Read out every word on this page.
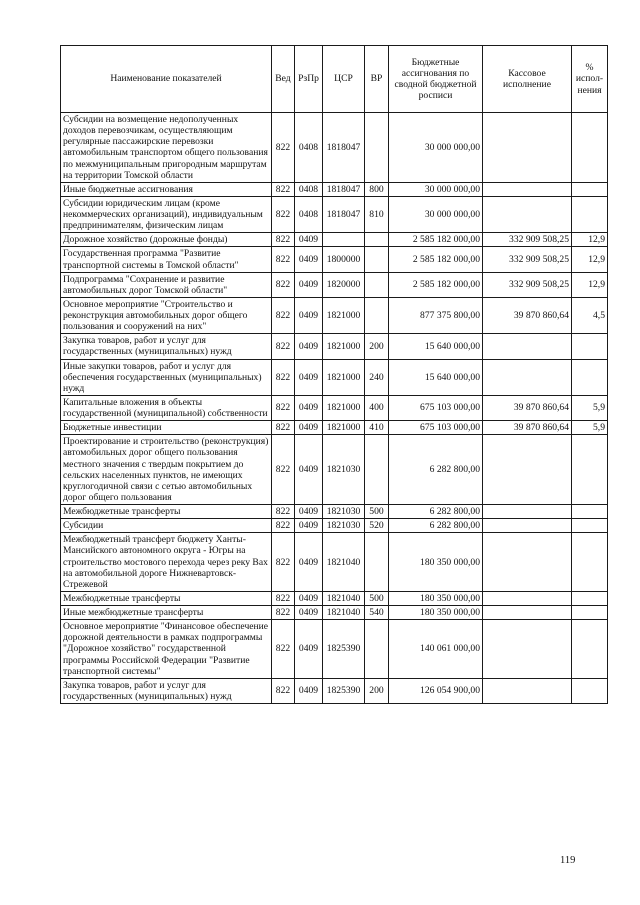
Наименование показателей	Вед	РзПр	ЦСР	ВР	Бюджетные ассигнования по сводной бюджетной росписи	Кассовое исполнение	% испол-нения
Субсидии на возмещение недополученных доходов перевозчикам, осуществляющим регулярные пассажирские перевозки автомобильным транспортом общего пользования по межмуниципальным пригородным маршрутам на территории Томской области	822	0408	1818047		30 000 000,00		
Иные бюджетные ассигнования	822	0408	1818047	800	30 000 000,00		
Субсидии юридическим лицам (кроме некоммерческих организаций), индивидуальным предпринимателям, физическим лицам	822	0408	1818047	810	30 000 000,00		
Дорожное хозяйство (дорожные фонды)	822	0409			2 585 182 000,00	332 909 508,25	12,9
Государственная программа "Развитие транспортной системы в Томской области"	822	0409	1800000		2 585 182 000,00	332 909 508,25	12,9
Подпрограмма "Сохранение и развитие автомобильных дорог Томской области"	822	0409	1820000		2 585 182 000,00	332 909 508,25	12,9
Основное мероприятие "Строительство и реконструкция автомобильных дорог общего пользования и сооружений на них"	822	0409	1821000		877 375 800,00	39 870 860,64	4,5
Закупка товаров, работ и услуг для государственных (муниципальных) нужд	822	0409	1821000	200	15 640 000,00		
Иные закупки товаров, работ и услуг для обеспечения государственных (муниципальных) нужд	822	0409	1821000	240	15 640 000,00		
Капитальные вложения в объекты государственной (муниципальной) собственности	822	0409	1821000	400	675 103 000,00	39 870 860,64	5,9
Бюджетные инвестиции	822	0409	1821000	410	675 103 000,00	39 870 860,64	5,9
Проектирование и строительство (реконструкция) автомобильных дорог общего пользования местного значения с твердым покрытием до сельских населенных пунктов, не имеющих круглогодичной связи с сетью автомобильных дорог общего пользования	822	0409	1821030		6 282 800,00		
Межбюджетные трансферты	822	0409	1821030	500	6 282 800,00		
Субсидии	822	0409	1821030	520	6 282 800,00		
Межбюджетный трансферт бюджету Ханты-Мансийского автономного округа - Югры на строительство мостового перехода через реку Вах на автомобильной дороге Нижневартовск-Стрежевой	822	0409	1821040		180 350 000,00		
Межбюджетные трансферты	822	0409	1821040	500	180 350 000,00		
Иные межбюджетные трансферты	822	0409	1821040	540	180 350 000,00		
Основное мероприятие "Финансовое обеспечение дорожной деятельности в рамках подпрограммы "Дорожное хозяйство" государственной программы Российской Федерации "Развитие транспортной системы"	822	0409	1825390		140 061 000,00		
Закупка товаров, работ и услуг для государственных (муниципальных) нужд	822	0409	1825390	200	126 054 900,00		
119
